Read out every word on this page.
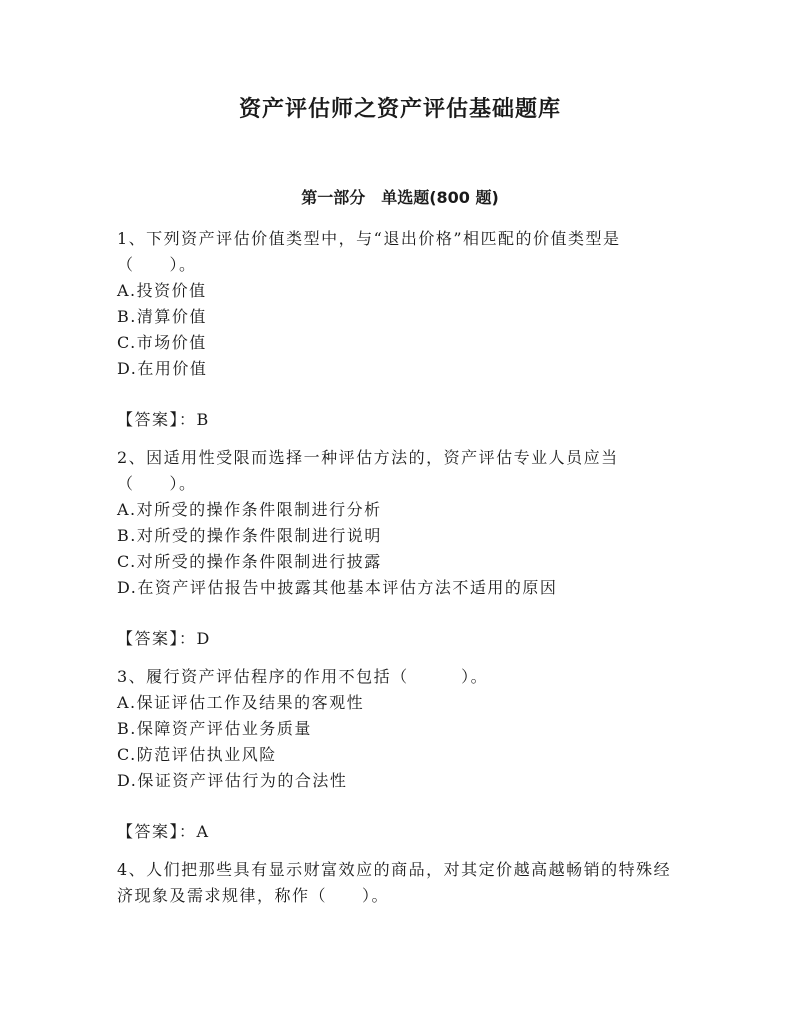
资产评估师之资产评估基础题库
第一部分　单选题(800 题)

1、下列资产评估价值类型中，与“退出价格”相匹配的价值类型是（　　）。

A.投资价值

B.清算价值

C.市场价值

D.在用价值

【答案】：B

2、因适用性受限而选择一种评估方法的，资产评估专业人员应当（　　）。

A.对所受的操作条件限制进行分析

B.对所受的操作条件限制进行说明

C.对所受的操作条件限制进行披露

D.在资产评估报告中披露其他基本评估方法不适用的原因

【答案】：D

3、履行资产评估程序的作用不包括（　　　）。

A.保证评估工作及结果的客观性

B.保障资产评估业务质量

C.防范评估执业风险

D.保证资产评估行为的合法性

【答案】：A

4、人们把那些具有显示财富效应的商品，对其定价越高越畅销的特殊经济现象及需求规律，称作（　　）。
